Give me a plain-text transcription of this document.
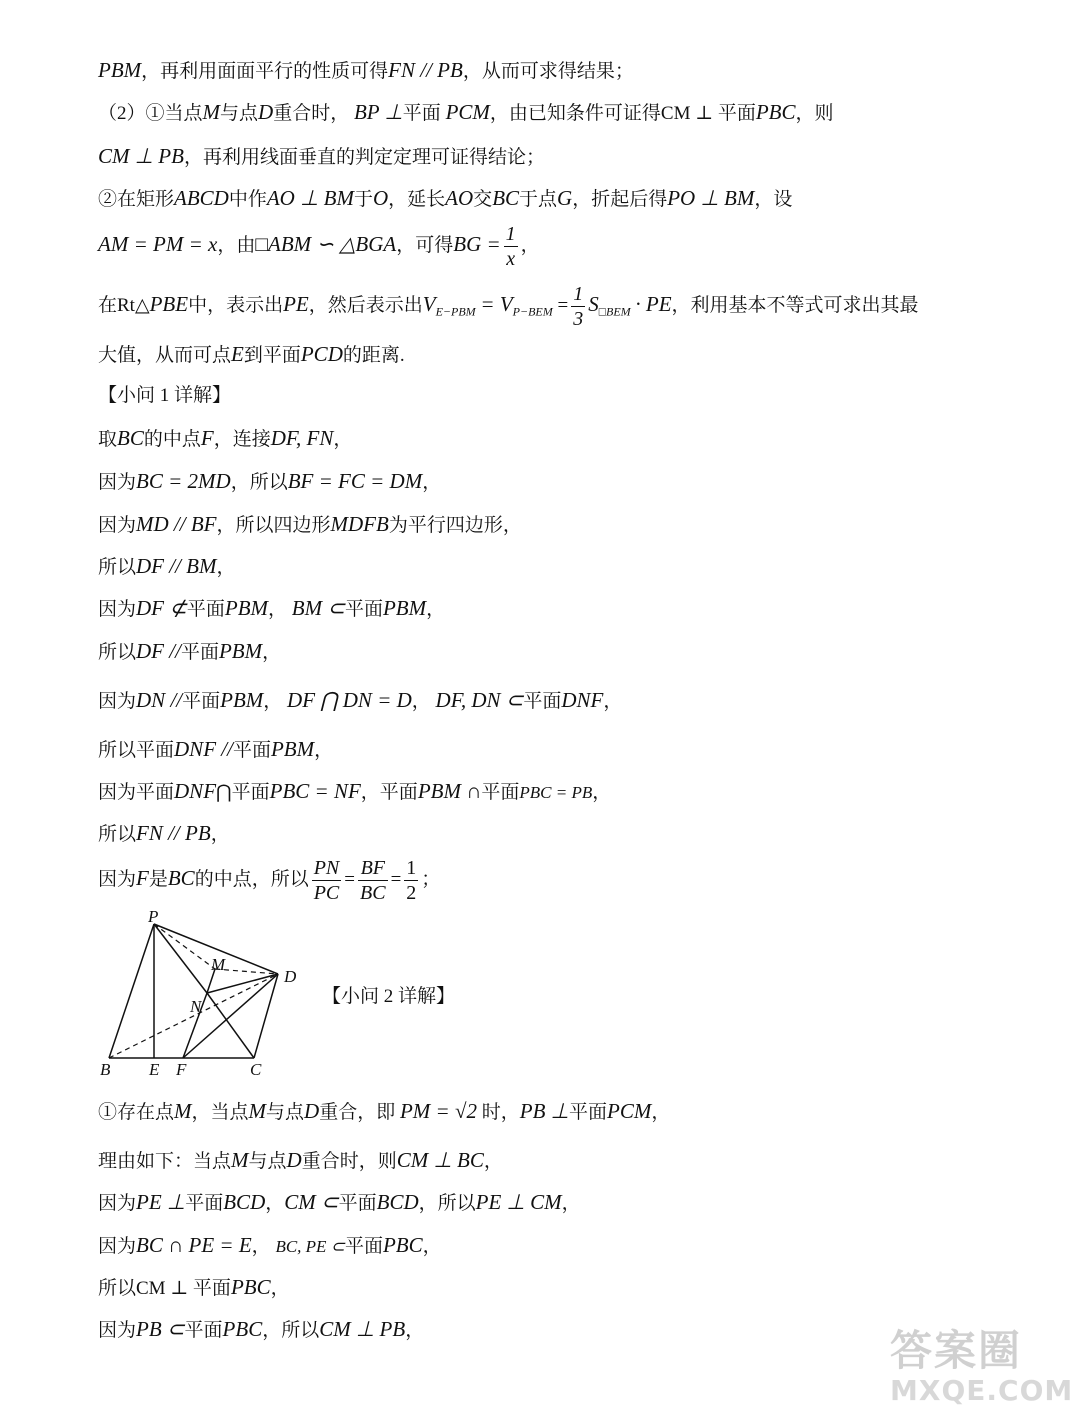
PBM，再利用面面平行的性质可得FN // PB，从而可求得结果；
（2）①当点M与点D重合时， BP ⊥平面 PCM，由已知条件可证得CM ⊥ 平面PBC，则
CM ⊥ PB，再利用线面垂直的判定定理可证得结论；
②在矩形ABCD中作AO ⊥ BM于O，延长AO交BC于点G，折起后得PO ⊥ BM，设
AM = PM = x，由□ABM ∽ △BGA，可得BG = $\frac{1}{x}$ ，
在Rt△PBE中，表示出PE，然后表示出$V_{E-PBM} = V_{P-BEM} = \frac{1}{3} S_{□BEM}$ · PE，利用基本不等式可求出其最
大值，从而可点E到平面PCD的距离.
【小问 1 详解】
取BC的中点F，连接DF, FN，
因为BC = 2MD，所以BF = FC = DM，
因为MD // BF，所以四边形MDFB为平行四边形，
所以DF // BM，
因为DF ⊄平面PBM， BM ⊂平面PBM，
所以DF //平面PBM，
因为DN //平面PBM， DF ⋂ DN = D， DF, DN ⊂平面DNF，
所以平面DNF //平面PBM，
因为平面DNF⋂平面PBC = NF，平面PBM ∩平面PBC = PB，
所以FN // PB，
因为F是BC的中点，所以 $\frac{PN}{PC} = \frac{BF}{BC} = \frac{1}{2}$ ；
【小问 2 详解】
①存在点M，当点M与点D重合，即 PM = √2 时，PB ⊥平面PCM，
理由如下：当点M与点D重合时，则CM ⊥ BC，
因为PE ⊥平面BCD，CM ⊂平面BCD，所以PE ⊥ CM，
因为BC ∩ PE = E， BC, PE ⊂平面PBC，
所以CM ⊥ 平面PBC，
因为PB ⊂平面PBC，所以CM ⊥ PB，
P
M
D
N
B E F	C
答案圈
MXQE.COM
